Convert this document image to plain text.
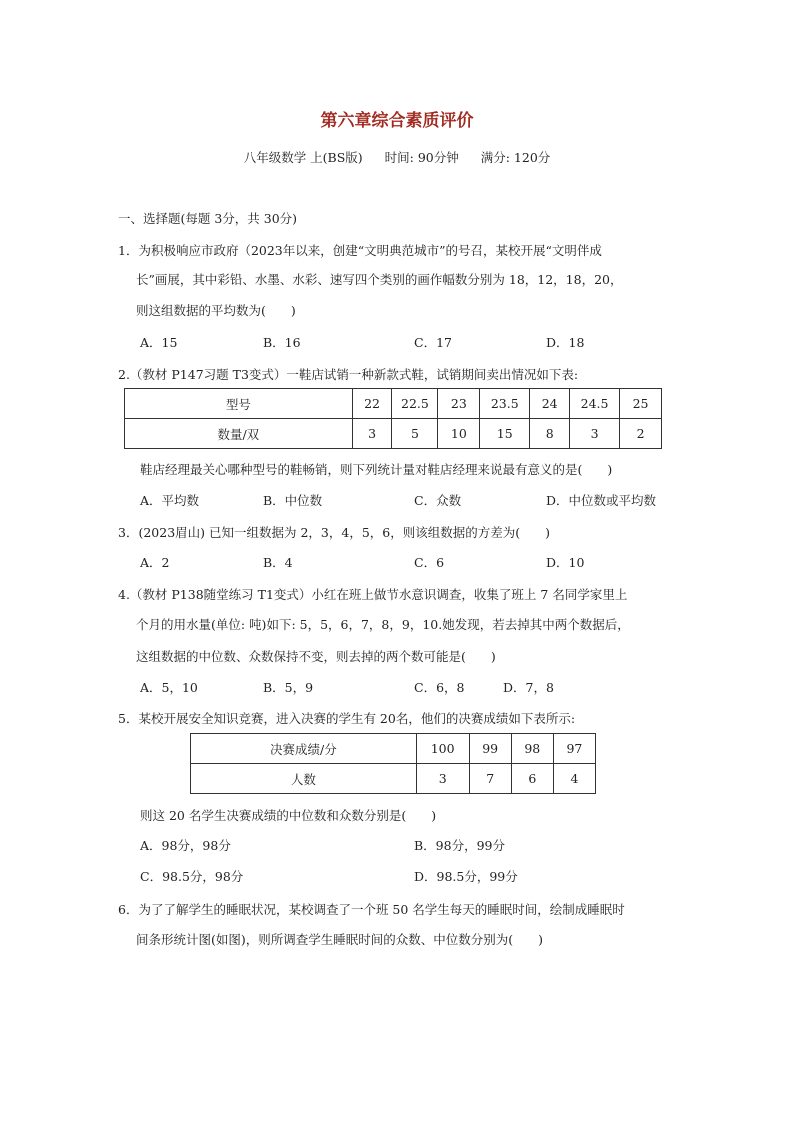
第六章综合素质评价
八年级数学 上(BS版) 时间: 90分钟 满分: 120分
一、选择题(每题 3分，共 30分)
1．为积极响应市政府（2023年以来，创建“文明典范城市”的号召，某校开展“文明伴成
长”画展，其中彩铅、水墨、水彩、速写四个类别的画作幅数分别为 18，12，18，20，
则这组数据的平均数为(　　)
A．15	B．16	C．17	D．18
2.（教材 P147习题 T3变式）一鞋店试销一种新款式鞋，试销期间卖出情况如下表:
型号	22	22.5	23	23.5	24	24.5	25
数量/双	3	5	10	15	8	3	2
鞋店经理最关心哪种型号的鞋畅销，则下列统计量对鞋店经理来说最有意义的是(　　)
A．平均数	B．中位数	C．众数	D．中位数或平均数
3．(2023眉山) 已知一组数据为 2，3，4，5，6，则该组数据的方差为(　　)
A．2	B．4	C．6	D．10
4.（教材 P138随堂练习 T1变式）小红在班上做节水意识调查，收集了班上 7 名同学家里上
个月的用水量(单位: 吨)如下: 5，5，6，7，8，9，10.她发现，若去掉其中两个数据后，
这组数据的中位数、众数保持不变，则去掉的两个数可能是(　　)
A．5，10	B．5，9	C．6，8	D．7，8
5．某校开展安全知识竞赛，进入决赛的学生有 20名，他们的决赛成绩如下表所示:
决赛成绩/分	100	99	98	97
人数	3	7	6	4
则这 20 名学生决赛成绩的中位数和众数分别是(　　)
A．98分，98分	B．98分，99分
C．98.5分，98分	D．98.5分，99分
6．为了了解学生的睡眠状况，某校调查了一个班 50 名学生每天的睡眠时间，绘制成睡眠时
间条形统计图(如图)，则所调查学生睡眠时间的众数、中位数分别为(　　)
